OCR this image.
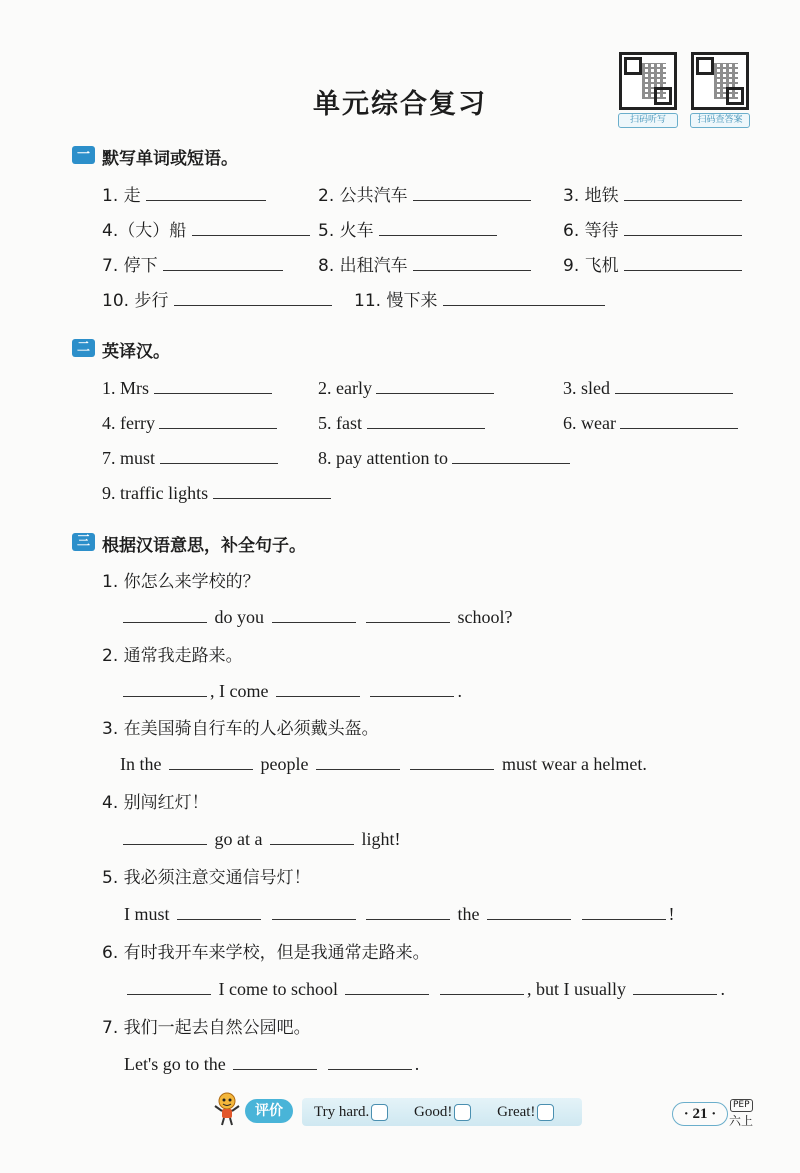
单元综合复习	扫码听写	扫码查答案
一 默写单词或短语。
1. 走	2. 公共汽车	3. 地铁
4.（大）船	5. 火车	6. 等待
7. 停下	8. 出租汽车	9. 飞机
10. 步行	11. 慢下来
二 英译汉。
1. Mrs	2. early	3. sled
4. ferry	5. fast	6. wear
7. must	8. pay attention to
9. traffic lights
三 根据汉语意思，补全句子。
1. 你怎么来学校的？
do you	school?
2. 通常我走路来。
, I come	.
3. 在美国骑自行车的人必须戴头盔。
In the	people	must wear a helmet.
4. 别闯红灯！
go at a	light!
5. 我必须注意交通信号灯！
I must	the	!
6. 有时我开车来学校，但是我通常走路来。
I come to school	, but I usually	.
7. 我们一起去自然公园吧。
Let's go to the	.
评价	Try hard.	Good!	Great!	· 21 ·
PEP
六上
